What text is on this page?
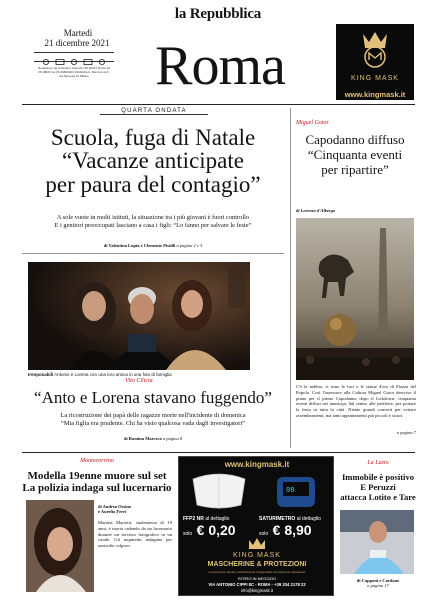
la Repubblica
Martedì
21 dicembre 2021
Redazione via Cristoforo Colombo 90 00147 Roma tel 06 49821 fax 06 49822923 Pubblicità A. Manzoni & C. via Nervesa 21 Milano	Roma	KING MASK
www.kingmask.it
QUARTA ONDATA
Scuola, fuga di Natale
“Vacanze anticipate
per paura del contagio”
A sole vuote in molti istituti, la situazione tra i più giovani è fuori controllo
E i genitori preoccupati lasciano a casa i figli: “Lo fanno per salvare le feste”
di Valentina Lupia e Clemente Pistilli a pagina 2 e 3
Ireoposabili Antonio e Lorena con una loro amica in una foto di famiglia
Vito Cilicia
“Anto e Lorena stavano fuggendo”
La ricostruzione dei papà delle ragazze morte nell'incidente di domenica
“Mia figlia era prudente. Chi ha visto qualcosa vada dagli investigatori”
di Romina Marceca a pagina 8
Miguel Gotor
Capodanno diffuso
“Cinquanta eventi
per ripartire”
di Lorenzo d'Albergo
C'è la nebbia, ci sono le luci e le statue d'oro di Piazza del Popolo. Così l'assessore alla Cultura Miguel Gotor descrive il piano per il primo Capodanno dopo il lockdown: cinquanta eventi diffusi nei municipi, dal centro alle periferie, per portare la festa in tutta la città. Niente grandi concerti per evitare assembramenti, ma tanti appuntamenti più piccoli e sicuri.
a pagina 7
Montecorvino
Modella 19enne muore sul set
La polizia indaga sul lucernario
di Andrea Ossino
e Aurelio Ferri
Martina Mariotti, studentessa di 19 anni, è morta cadendo da un lucernario durante un servizio fotografico in un casale. Gli inquirenti indagano per omicidio colposo.
www.kingmask.it
FFP2 NR al dettaglio
solo € 0,20
98
SATURIMETRO al dettaglio
solo € 8,90
KING MASK
MASCHERINE & PROTEZIONI
Importazione diretta e distribuzione di dispositivi di protezione individuale
RITIRO IN NEGOZIO
VIA ANTONIO CIPPI 8C - ROMA - +39 334 2178 22
info@kingmask.it
La Lazio
Immobile è positivo
E Peruzzi
attacca Lotito e Tare
di Capponi e Cardone
a pagina 17
